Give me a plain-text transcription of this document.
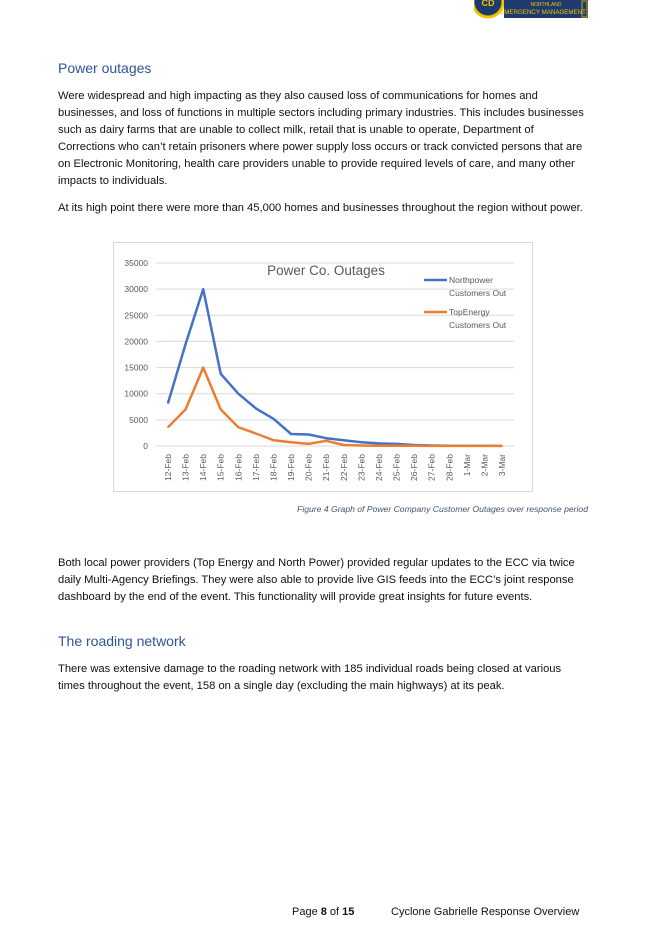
CD	NORTHLAND
EMERGENCY MANAGEMENT
Power outages

Were widespread and high impacting as they also caused loss of communications for homes and businesses, and loss of functions in multiple sectors including primary industries. This includes businesses such as dairy farms that are unable to collect milk, retail that is unable to operate, Department of Corrections who can’t retain prisoners where power supply loss occurs or track convicted persons that are on Electronic Monitoring, health care providers unable to provide required levels of care, and many other impacts to individuals.

At its high point there were more than 45,000 homes and businesses throughout the region without power.

0
5000
10000
15000
20000
25000
30000
35000
12-Feb 13-Feb 14-Feb 15-Feb 16-Feb 17-Feb 18-Feb 19-Feb 20-Feb 21-Feb 22-Feb 23-Feb 24-Feb 25-Feb 26-Feb 27-Feb 28-Feb 1-Mar 2-Mar 3-Mar
Power Co. Outages
Northpower
Customers Out
TopEnergy
Customers Out
Figure 4 Graph of Power Company Customer Outages over response period

Both local power providers (Top Energy and North Power) provided regular updates to the ECC via twice daily Multi-Agency Briefings. They were also able to provide live GIS feeds into the ECC’s joint response dashboard by the end of the event. This functionality will provide great insights for future events.

The roading network

There was extensive damage to the roading network with 185 individual roads being closed at various times throughout the event, 158 on a single day (excluding the main highways) at its peak.

Page 8 of 15	Cyclone Gabrielle Response Overview
